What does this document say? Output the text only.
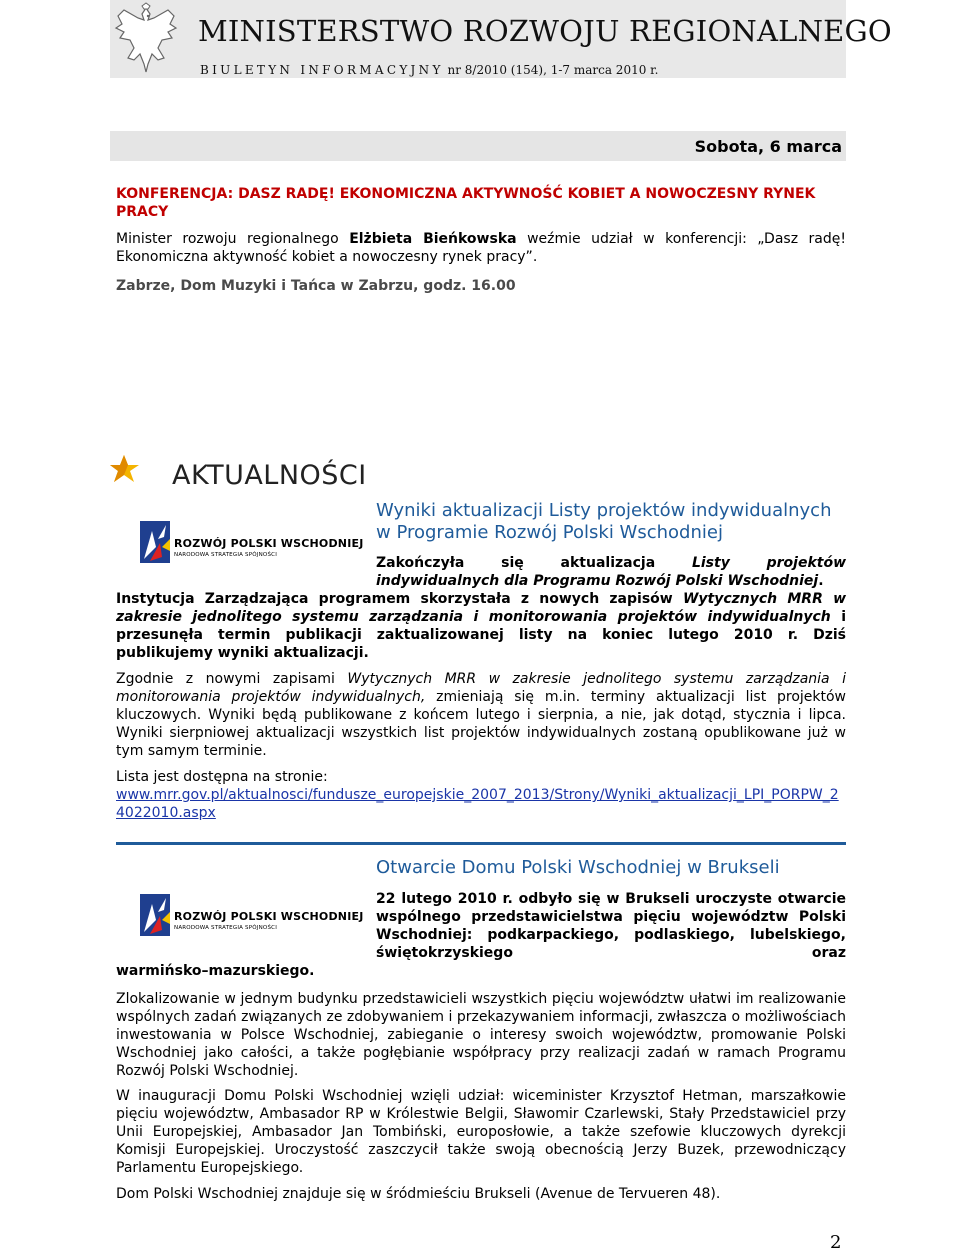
MINISTERSTWO ROZWOJU REGIONALNEGO
BIULETYN INFORMACYJNY nr 8/2010 (154), 1-7 marca 2010 r.
Sobota, 6 marca
KONFERENCJA: DASZ RADĘ! EKONOMICZNA AKTYWNOŚĆ KOBIET A NOWOCZESNY RYNEK PRACY
Minister rozwoju regionalnego Elżbieta Bieńkowska weźmie udział w konferencji: „Dasz radę! Ekonomiczna aktywność kobiet a nowoczesny rynek pracy”.
Zabrze, Dom Muzyki i Tańca w Zabrzu, godz. 16.00
AKTUALNOŚCI
ROZWÓJ POLSKI WSCHODNIEJ
NARODOWA STRATEGIA SPÓJNOŚCI
Wyniki aktualizacji Listy projektów indywidualnych w Programie Rozwój Polski Wschodniej
Zakończyła się aktualizacja Listy projektów indywidualnych dla Programu Rozwój Polski Wschodniej.
Instytucja Zarządzająca programem skorzystała z nowych zapisów Wytycznych MRR w zakresie jednolitego systemu zarządzania i monitorowania projektów indywidualnych i przesunęła termin publikacji zaktualizowanej listy na koniec lutego 2010 r. Dziś publikujemy wyniki aktualizacji.
Zgodnie z nowymi zapisami Wytycznych MRR w zakresie jednolitego systemu zarządzania i monitorowania projektów indywidualnych, zmieniają się m.in. terminy aktualizacji list projektów kluczowych. Wyniki będą publikowane z końcem lutego i sierpnia, a nie, jak dotąd, stycznia i lipca. Wyniki sierpniowej aktualizacji wszystkich list projektów indywidualnych zostaną opublikowane już w tym samym terminie.
Lista jest dostępna na stronie:
www.mrr.gov.pl/aktualnosci/fundusze_europejskie_2007_2013/Strony/Wyniki_aktualizacji_LPI_PORPW_24022010.aspx
ROZWÓJ POLSKI WSCHODNIEJ
NARODOWA STRATEGIA SPÓJNOŚCI
Otwarcie Domu Polski Wschodniej w Brukseli
22 lutego 2010 r. odbyło się w Brukseli uroczyste otwarcie wspólnego przedstawicielstwa pięciu województw Polski Wschodniej: podkarpackiego, podlaskiego, lubelskiego, świętokrzyskiego oraz
warmińsko–mazurskiego.
Zlokalizowanie w jednym budynku przedstawicieli wszystkich pięciu województw ułatwi im realizowanie wspólnych zadań związanych ze zdobywaniem i przekazywaniem informacji, zwłaszcza o możliwościach inwestowania w Polsce Wschodniej, zabieganie o interesy swoich województw, promowanie Polski Wschodniej jako całości, a także pogłębianie współpracy przy realizacji zadań w ramach Programu Rozwój Polski Wschodniej.
W inauguracji Domu Polski Wschodniej wzięli udział: wiceminister Krzysztof Hetman, marszałkowie pięciu województw, Ambasador RP w Królestwie Belgii, Sławomir Czarlewski, Stały Przedstawiciel przy Unii Europejskiej, Ambasador Jan Tombiński, europosłowie, a także szefowie kluczowych dyrekcji Komisji Europejskiej. Uroczystość zaszczycił także swoją obecnością Jerzy Buzek, przewodniczący Parlamentu Europejskiego.
Dom Polski Wschodniej znajduje się w śródmieściu Brukseli (Avenue de Tervueren 48).
2
